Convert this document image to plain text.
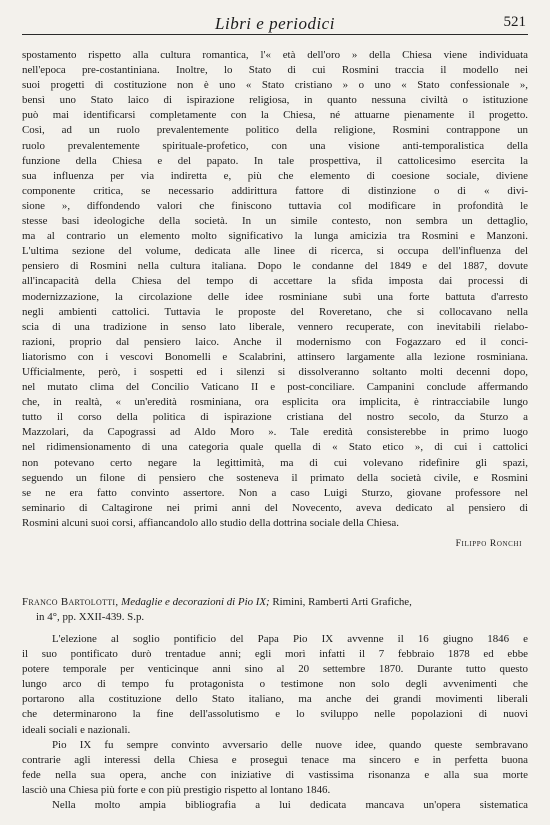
Libri e periodici	521
spostamento rispetto alla cultura romantica, l'« età dell'oro » della Chiesa viene individuata
nell'epoca pre-costantiniana. Inoltre, lo Stato di cui Rosmini traccia il modello nei
suoi progetti di costituzione non è uno « Stato cristiano » o uno « Stato confessionale »,
bensì uno Stato laico di ispirazione religiosa, in quanto nessuna civiltà o istituzione
può mai identificarsi completamente con la Chiesa, né attuarne pienamente il progetto.
Così, ad un ruolo prevalentemente politico della religione, Rosmini contrappone un
ruolo prevalentemente spirituale-profetico, con una visione anti-temporalistica della
funzione della Chiesa e del papato. In tale prospettiva, il cattolicesimo esercita la
sua influenza per via indiretta e, più che elemento di coesione sociale, diviene
componente critica, se necessario addirittura fattore di distinzione o di « divi-
sione », diffondendo valori che finiscono tuttavia col modificare in profondità le
stesse basi ideologiche della società. In un simile contesto, non sembra un dettaglio,
ma al contrario un elemento molto significativo la lunga amicizia tra Rosmini e Manzoni.
L'ultima sezione del volume, dedicata alle linee di ricerca, si occupa dell'influenza del
pensiero di Rosmini nella cultura italiana. Dopo le condanne del 1849 e del 1887, dovute
all'incapacità della Chiesa del tempo di accettare la sfida imposta dai processi di
modernizzazione, la circolazione delle idee rosminiane subì una forte battuta d'arresto
negli ambienti cattolici. Tuttavia le proposte del Roveretano, che si collocavano nella
scia di una tradizione in senso lato liberale, vennero recuperate, con inevitabili rielabo-
razioni, proprio dal pensiero laico. Anche il modernismo con Fogazzaro ed il conci-
liatorismo con i vescovi Bonomelli e Scalabrini, attinsero largamente alla lezione rosminiana.
Ufficialmente, però, i sospetti ed i silenzi si dissolveranno soltanto molti decenni dopo,
nel mutato clima del Concilio Vaticano II e post-conciliare. Campanini conclude affermando
che, in realtà, « un'eredità rosminiana, ora esplicita ora implicita, è rintracciabile lungo
tutto il corso della politica di ispirazione cristiana del nostro secolo, da Sturzo a
Mazzolari, da Capograssi ad Aldo Moro ». Tale eredità consisterebbe in primo luogo
nel ridimensionamento di una categoria quale quella di « Stato etico », di cui i cattolici
non potevano certo negare la legittimità, ma di cui volevano ridefinire gli spazi,
seguendo un filone di pensiero che sosteneva il primato della società civile, e Rosmini
se ne era fatto convinto assertore. Non a caso Luigi Sturzo, giovane professore nel
seminario di Caltagirone nei primi anni del Novecento, aveva dedicato al pensiero di
Rosmini alcuni suoi corsi, affiancandolo allo studio della dottrina sociale della Chiesa.
Filippo Ronchi
Franco Bartolotti, Medaglie e decorazioni di Pio IX; Rimini, Ramberti Arti Grafiche,
in 4°, pp. XXII-439. S.p.
L'elezione al soglio pontificio del Papa Pio IX avvenne il 16 giugno 1846 e
il suo pontificato durò trentadue anni; egli morì infatti il 7 febbraio 1878 ed ebbe
potere temporale per venticinque anni sino al 20 settembre 1870. Durante tutto questo
lungo arco di tempo fu protagonista o testimone non solo degli avvenimenti che
portarono alla costituzione dello Stato italiano, ma anche dei grandi movimenti liberali
che determinarono la fine dell'assolutismo e lo sviluppo nelle popolazioni di nuovi
ideali sociali e nazionali.
Pio IX fu sempre convinto avversario delle nuove idee, quando queste sembravano
contrarie agli interessi della Chiesa e proseguì tenace ma sincero e in perfetta buona
fede nella sua opera, anche con iniziative di vastissima risonanza e alla sua morte
lasciò una Chiesa più forte e con più prestigio rispetto al lontano 1846.
Nella molto ampia bibliografia a lui dedicata mancava un'opera sistematica
